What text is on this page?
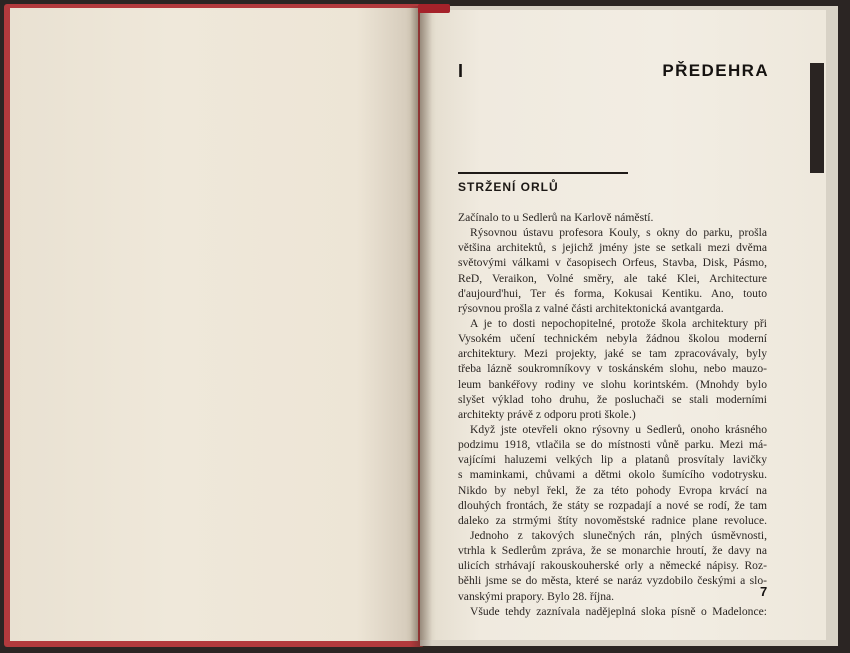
I	PŘEDEHRA
STRŽENÍ ORLŮ
Začínalo to u Sedlerů na Karlově náměstí.
Rýsovnou ústavu profesora Kouly, s okny do parku, prošla
většina architektů, s jejichž jmény jste se setkali mezi dvěma
světovými válkami v časopisech Orfeus, Stavba, Disk, Pásmo,
ReD, Veraikon, Volné směry, ale také Klei, Architecture
d'aujourd'hui, Ter és forma, Kokusai Kentiku. Ano, touto
rýsovnou prošla z valné části architektonická avantgarda.
A je to dosti nepochopitelné, protože škola architektury při
Vysokém učení technickém nebyla žádnou školou moderní
architektury. Mezi projekty, jaké se tam zpracovávaly, byly
třeba lázně soukromníkovy v toskánském slohu, nebo mauzo-
leum bankéřovy rodiny ve slohu korintském. (Mnohdy bylo
slyšet výklad toho druhu, že posluchači se stali moderními
architekty právě z odporu proti škole.)
Když jste otevřeli okno rýsovny u Sedlerů, onoho krásného
podzimu 1918, vtlačila se do místnosti vůně parku. Mezi má-
vajícími haluzemi velkých lip a platanů prosvítaly lavičky
s maminkami, chůvami a dětmi okolo šumícího vodotrysku.
Nikdo by nebyl řekl, že za této pohody Evropa krvácí na
dlouhých frontách, že státy se rozpadají a nové se rodí, že tam
daleko za strmými štíty novoměstské radnice plane revoluce.
Jednoho z takových slunečných rán, plných úsměvnosti,
vtrhla k Sedlerům zpráva, že se monarchie hroutí, že davy na
ulicích strhávají rakouskouherské orly a německé nápisy. Roz-
běhli jsme se do města, které se naráz vyzdobilo českými a slo-
vanskými prapory. Bylo 28. října.
Všude tehdy zaznívala nadějeplná sloka písně o Madelonce:
7
